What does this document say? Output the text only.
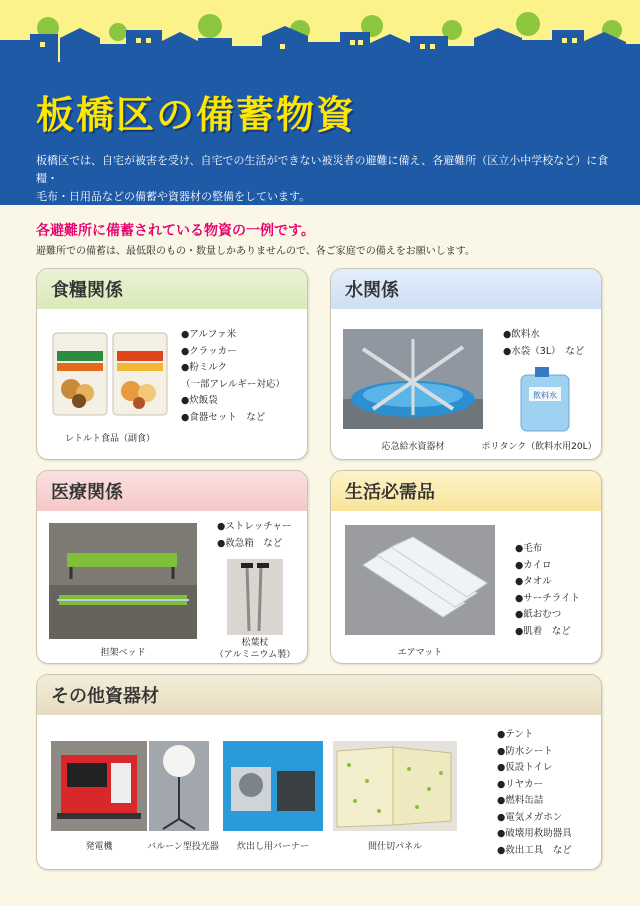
板橋区の備蓄物資
板橋区では、自宅が被害を受け、自宅での生活ができない被災者の避難に備え、各避難所（区立小中学校など）に食糧・
毛布・日用品などの備蓄や資器材の整備をしています。
各避難所に備蓄されている物資の一例です。
避難所での備蓄は、最低限のもの・数量しかありませんので、各ご家庭での備えをお願いします。
食糧関係
レトルト食品（副食）
●アルファ米
●クラッカー
●粉ミルク
（一部アレルギー対応）
●炊飯袋
●食器セット　など
水関係
飲料水
応急給水資器材	ポリタンク（飲料水用20L）
●飲料水
●水袋（3L）　など
医療関係
担架ベッド
松葉杖
（アルミニウム製）
●ストレッチャー
●救急箱　など
生活必需品
エアマット
●毛布
●カイロ
●タオル
●サーチライト
●紙おむつ
●肌着　など
その他資器材
発電機	バルーン型投光器	炊出し用バーナー	間仕切パネル
●テント
●防水シート
●仮設トイレ
●リヤカー
●燃料缶詰
●電気メガホン
●破壊用救助器具
●救出工具　など
